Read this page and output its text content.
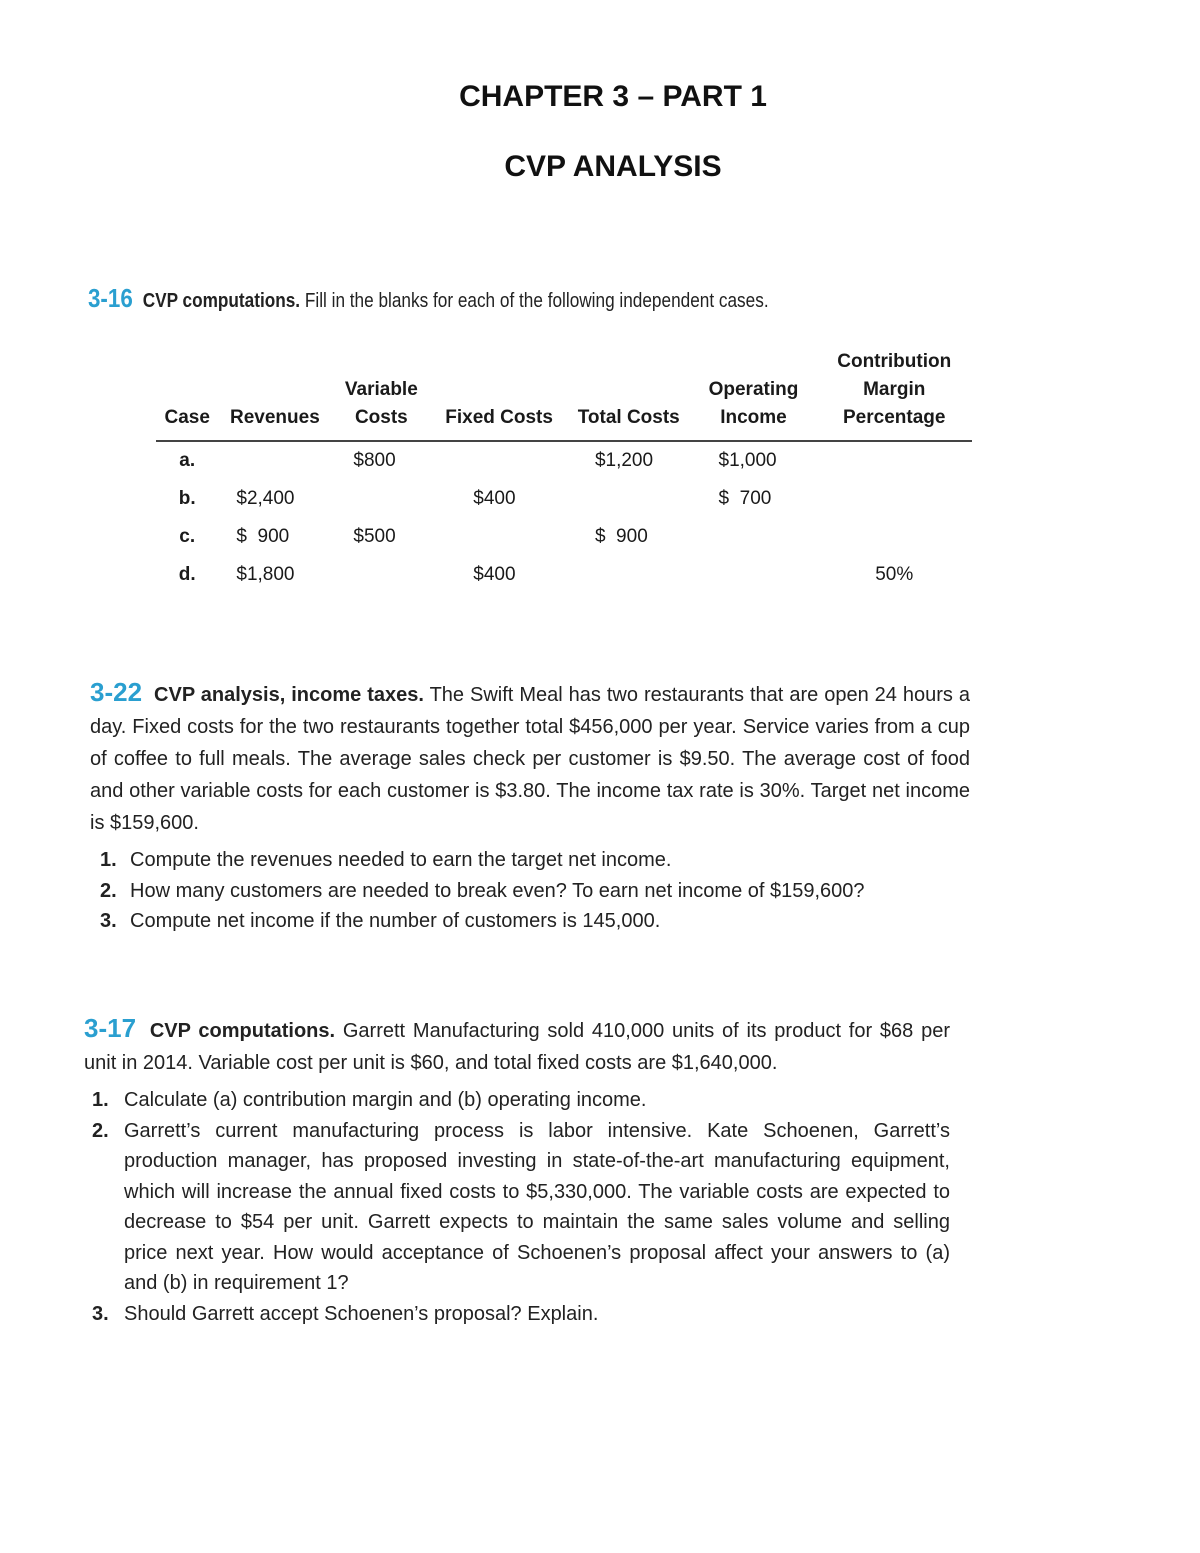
CHAPTER 3 – PART 1
CVP ANALYSIS
3-16 CVP computations. Fill in the blanks for each of the following independent cases.
Case	Revenues	Variable Costs	Fixed Costs	Total Costs	Operating Income	Contribution Margin Percentage
a.		$800		$1,200	$1,000	
b.	$2,400		$400		$  700	
c.	$  900	$500		$  900		
d.	$1,800		$400			50%
3-22 CVP analysis, income taxes. The Swift Meal has two restaurants that are open 24 hours a day. Fixed costs for the two restaurants together total $456,000 per year. Service varies from a cup of coffee to full meals. The average sales check per customer is $9.50. The average cost of food and other variable costs for each customer is $3.80. The income tax rate is 30%. Target net income is $159,600.
1. Compute the revenues needed to earn the target net income.
2. How many customers are needed to break even? To earn net income of $159,600?
3. Compute net income if the number of customers is 145,000.
3-17 CVP computations. Garrett Manufacturing sold 410,000 units of its product for $68 per unit in 2014. Variable cost per unit is $60, and total fixed costs are $1,640,000.
1. Calculate (a) contribution margin and (b) operating income.
2. Garrett’s current manufacturing process is labor intensive. Kate Schoenen, Garrett’s production manager, has proposed investing in state-of-the-art manufacturing equipment, which will increase the annual fixed costs to $5,330,000. The variable costs are expected to decrease to $54 per unit. Garrett expects to maintain the same sales volume and selling price next year. How would acceptance of Schoenen’s proposal affect your answers to (a) and (b) in requirement 1?
3. Should Garrett accept Schoenen’s proposal? Explain.
